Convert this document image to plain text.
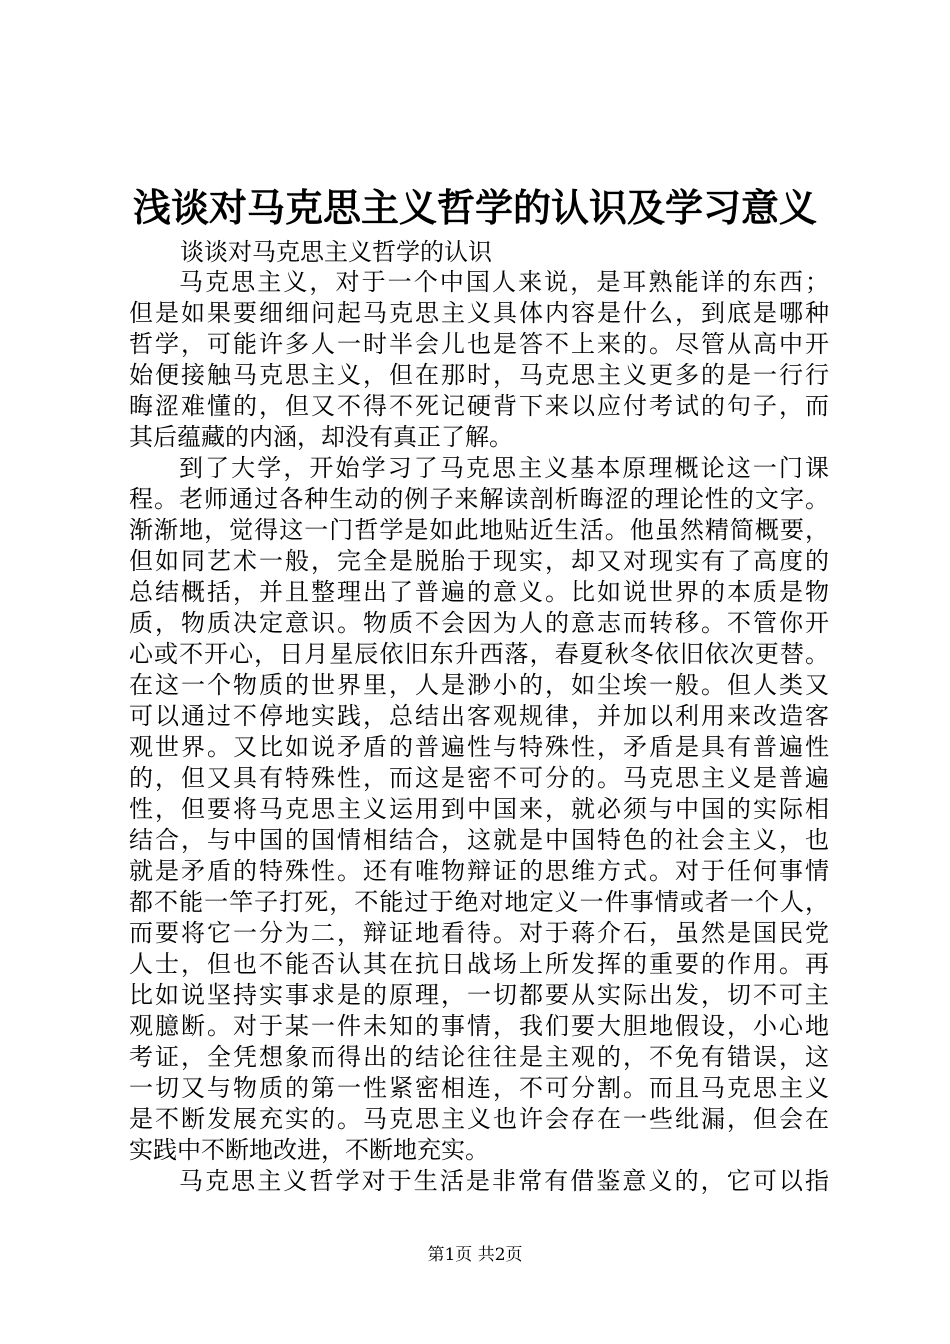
浅谈对马克思主义哲学的认识及学习意义
谈谈对马克思主义哲学的认识
马克思主义，对于一个中国人来说，是耳熟能详的东西；
但是如果要细细问起马克思主义具体内容是什么，到底是哪种
哲学，可能许多人一时半会儿也是答不上来的。尽管从高中开
始便接触马克思主义，但在那时，马克思主义更多的是一行行
晦涩难懂的，但又不得不死记硬背下来以应付考试的句子，而
其后蕴藏的内涵，却没有真正了解。
到了大学，开始学习了马克思主义基本原理概论这一门课
程。老师通过各种生动的例子来解读剖析晦涩的理论性的文字。
渐渐地，觉得这一门哲学是如此地贴近生活。他虽然精简概要，
但如同艺术一般，完全是脱胎于现实，却又对现实有了高度的
总结概括，并且整理出了普遍的意义。比如说世界的本质是物
质，物质决定意识。物质不会因为人的意志而转移。不管你开
心或不开心，日月星辰依旧东升西落，春夏秋冬依旧依次更替。
在这一个物质的世界里，人是渺小的，如尘埃一般。但人类又
可以通过不停地实践，总结出客观规律，并加以利用来改造客
观世界。又比如说矛盾的普遍性与特殊性，矛盾是具有普遍性
的，但又具有特殊性，而这是密不可分的。马克思主义是普遍
性，但要将马克思主义运用到中国来，就必须与中国的实际相
结合，与中国的国情相结合，这就是中国特色的社会主义，也
就是矛盾的特殊性。还有唯物辩证的思维方式。对于任何事情
都不能一竿子打死，不能过于绝对地定义一件事情或者一个人，
而要将它一分为二，辩证地看待。对于蒋介石，虽然是国民党
人士，但也不能否认其在抗日战场上所发挥的重要的作用。再
比如说坚持实事求是的原理，一切都要从实际出发，切不可主
观臆断。对于某一件未知的事情，我们要大胆地假设，小心地
考证，全凭想象而得出的结论往往是主观的，不免有错误，这
一切又与物质的第一性紧密相连，不可分割。而且马克思主义
是不断发展充实的。马克思主义也许会存在一些纰漏，但会在
实践中不断地改进，不断地充实。
马克思主义哲学对于生活是非常有借鉴意义的，它可以指
第1页 共2页
